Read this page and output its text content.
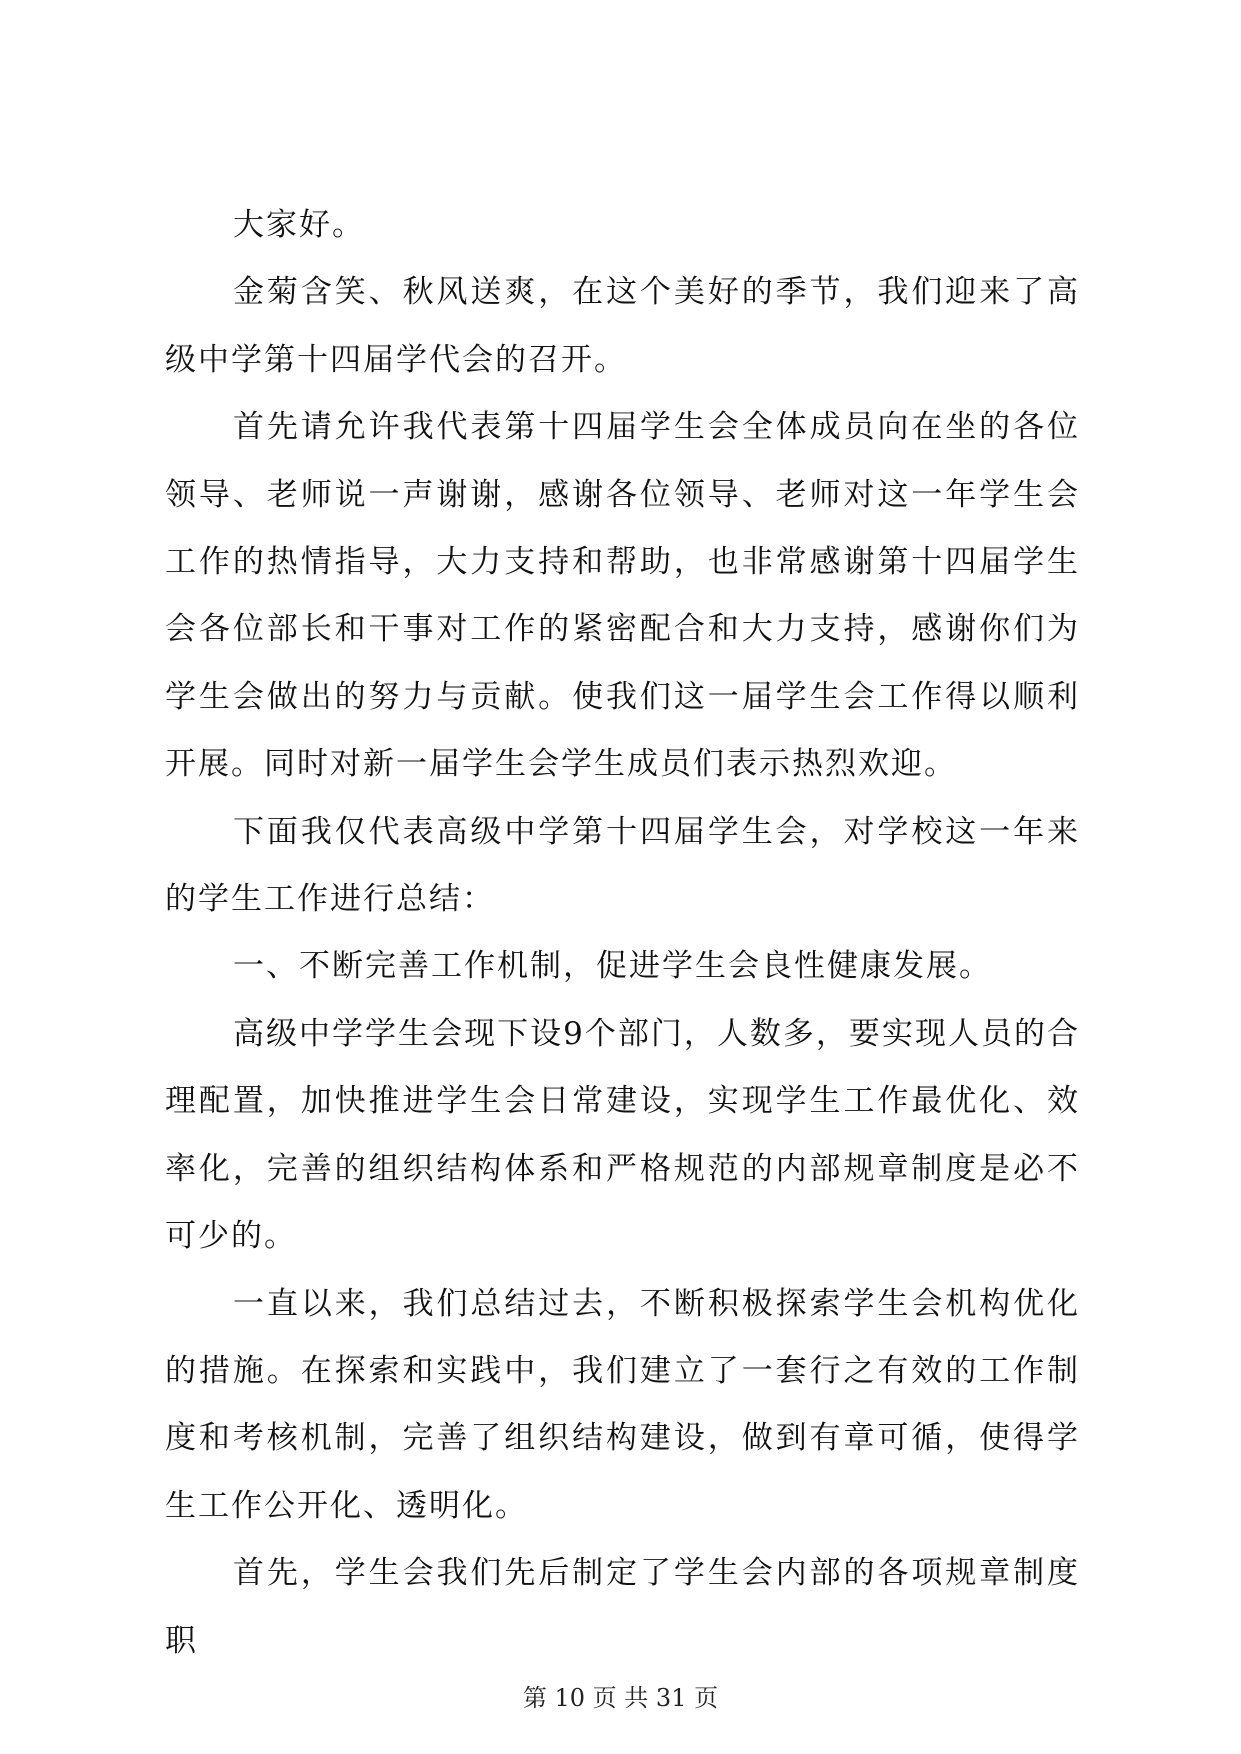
大家好。

金菊含笑、秋风送爽，在这个美好的季节，我们迎来了高级中学第十四届学代会的召开。

首先请允许我代表第十四届学生会全体成员向在坐的各位领导、老师说一声谢谢，感谢各位领导、老师对这一年学生会工作的热情指导，大力支持和帮助，也非常感谢第十四届学生会各位部长和干事对工作的紧密配合和大力支持，感谢你们为学生会做出的努力与贡献。使我们这一届学生会工作得以顺利开展。同时对新一届学生会学生成员们表示热烈欢迎。

下面我仅代表高级中学第十四届学生会，对学校这一年来的学生工作进行总结：

一、不断完善工作机制，促进学生会良性健康发展。

高级中学学生会现下设9个部门，人数多，要实现人员的合理配置，加快推进学生会日常建设，实现学生工作最优化、效率化，完善的组织结构体系和严格规范的内部规章制度是必不可少的。

一直以来，我们总结过去，不断积极探索学生会机构优化的措施。在探索和实践中，我们建立了一套行之有效的工作制度和考核机制，完善了组织结构建设，做到有章可循，使得学生工作公开化、透明化。

首先，学生会我们先后制定了学生会内部的各项规章制度职

第 10 页 共 31 页
